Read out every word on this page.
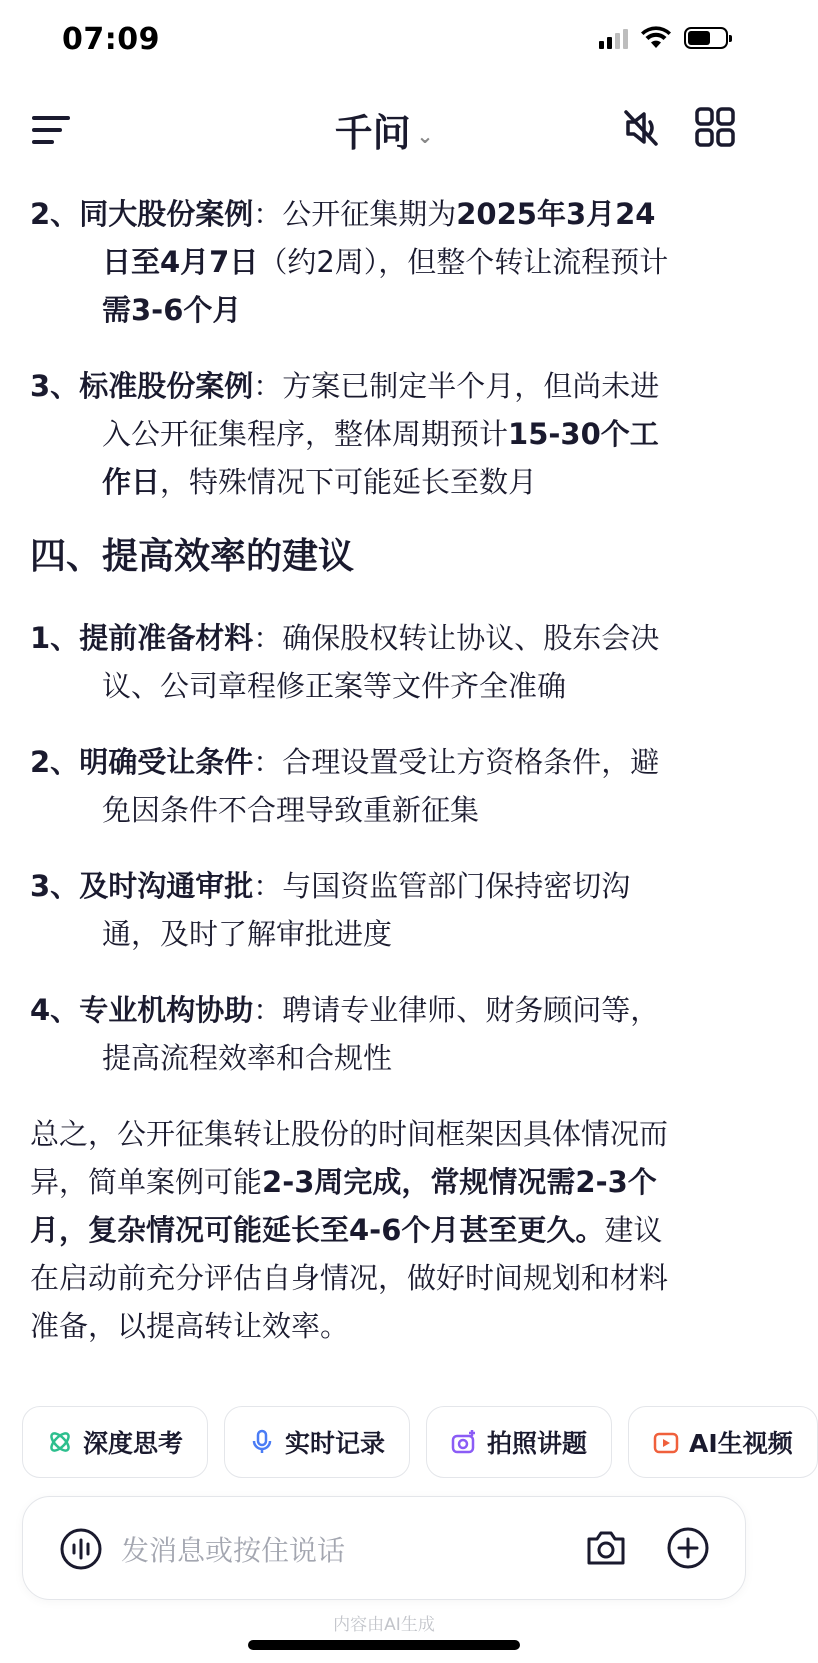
07:09
千问 ⌄
2、同大股份案例：公开征集期为2025年3月24
日至4月7日（约2周），但整个转让流程预计
需3-6个月
3、标准股份案例：方案已制定半个月，但尚未进
入公开征集程序，整体周期预计15-30个工
作日，特殊情况下可能延长至数月
四、提高效率的建议
1、提前准备材料：确保股权转让协议、股东会决
议、公司章程修正案等文件齐全准确
2、明确受让条件：合理设置受让方资格条件，避
免因条件不合理导致重新征集
3、及时沟通审批：与国资监管部门保持密切沟
通，及时了解审批进度
4、专业机构协助：聘请专业律师、财务顾问等，
提高流程效率和合规性
总之，公开征集转让股份的时间框架因具体情况而
异，简单案例可能2-3周完成，常规情况需2-3个
月，复杂情况可能延长至4-6个月甚至更久。建议
在启动前充分评估自身情况，做好时间规划和材料
准备，以提高转让效率。
深度思考	实时记录	拍照讲题	AI生视频
发消息或按住说话
内容由AI生成
